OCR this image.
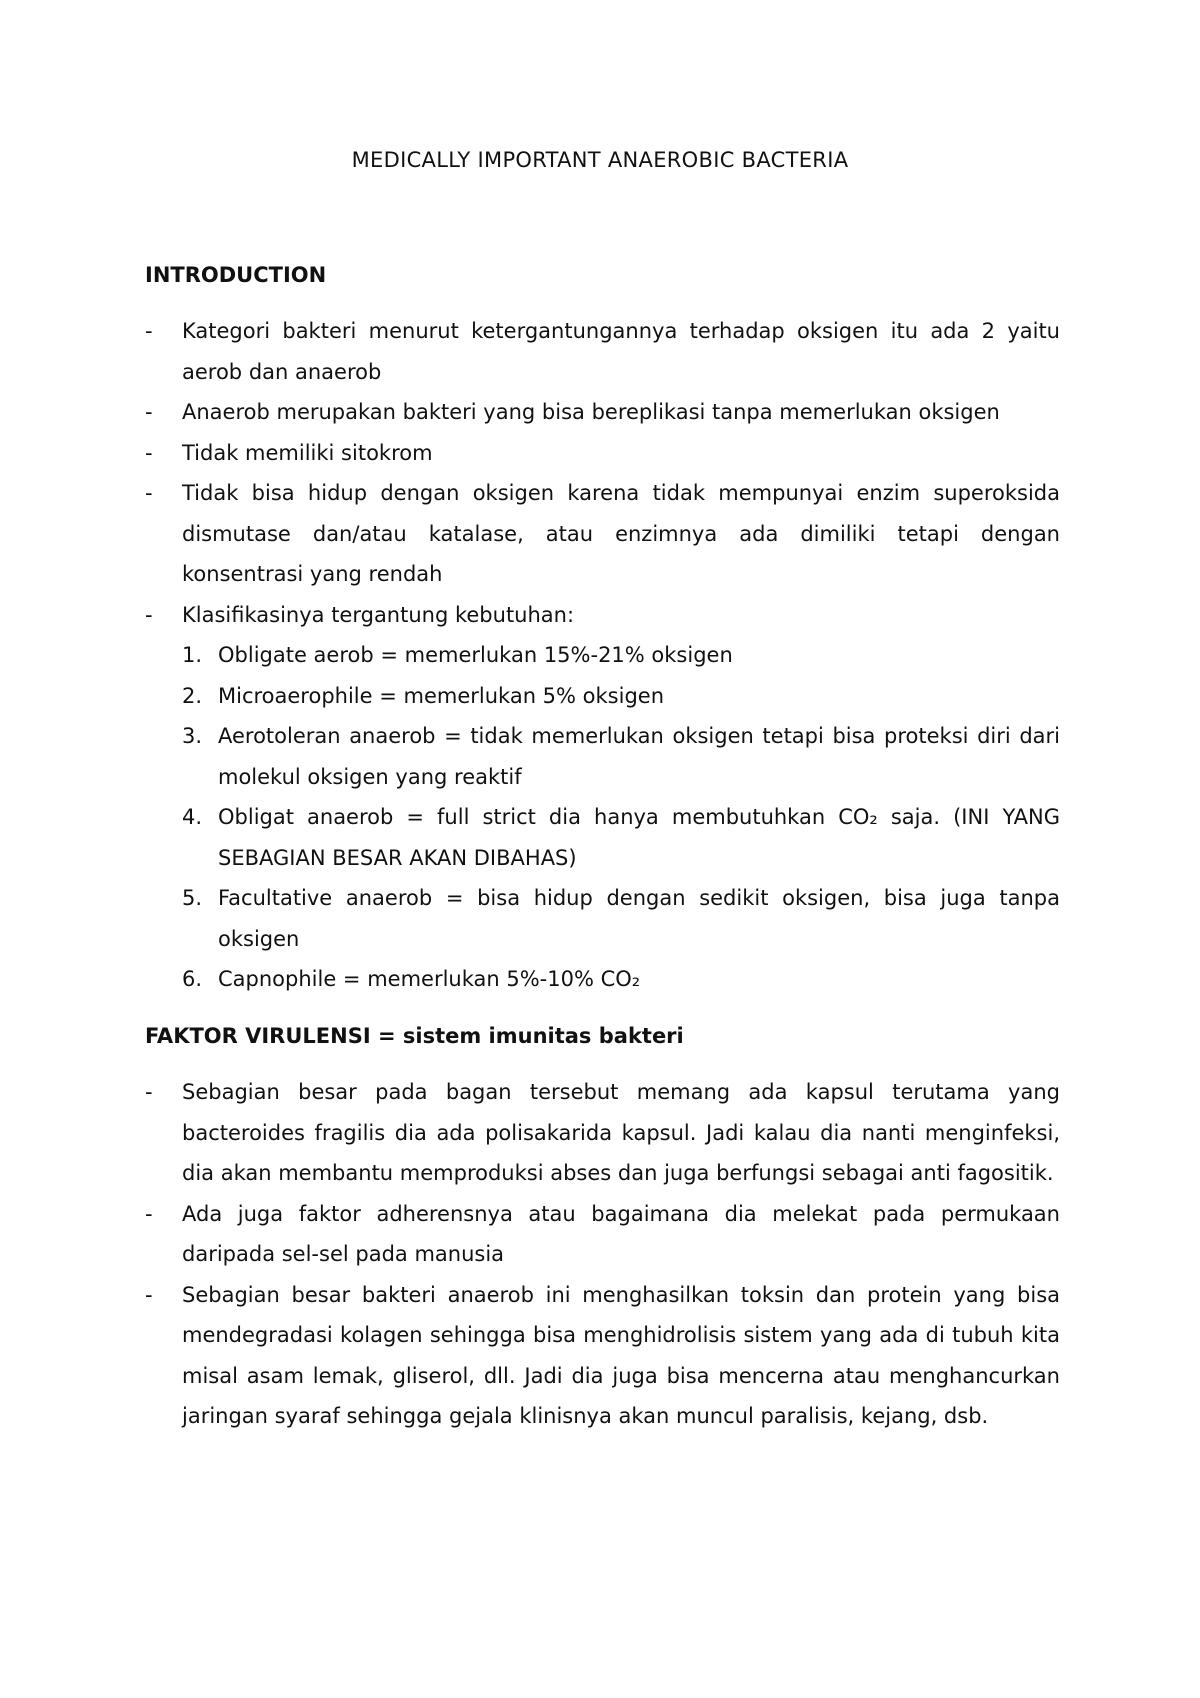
MEDICALLY IMPORTANT ANAEROBIC BACTERIA
INTRODUCTION
- Kategori bakteri menurut ketergantungannya terhadap oksigen itu ada 2 yaitu aerob dan anaerob
- Anaerob merupakan bakteri yang bisa bereplikasi tanpa memerlukan oksigen
- Tidak memiliki sitokrom
- Tidak bisa hidup dengan oksigen karena tidak mempunyai enzim superoksida dismutase dan/atau katalase, atau enzimnya ada dimiliki tetapi dengan konsentrasi yang rendah
- Klasifikasinya tergantung kebutuhan:
1. Obligate aerob = memerlukan 15%-21% oksigen
2. Microaerophile = memerlukan 5% oksigen
3. Aerotoleran anaerob = tidak memerlukan oksigen tetapi bisa proteksi diri dari molekul oksigen yang reaktif
4. Obligat anaerob = full strict dia hanya membutuhkan CO₂ saja. (INI YANG SEBAGIAN BESAR AKAN DIBAHAS)
5. Facultative anaerob = bisa hidup dengan sedikit oksigen, bisa juga tanpa oksigen
6. Capnophile = memerlukan 5%-10% CO₂
FAKTOR VIRULENSI = sistem imunitas bakteri
- Sebagian besar pada bagan tersebut memang ada kapsul terutama yang bacteroides fragilis dia ada polisakarida kapsul. Jadi kalau dia nanti menginfeksi, dia akan membantu memproduksi abses dan juga berfungsi sebagai anti fagositik.
- Ada juga faktor adherensnya atau bagaimana dia melekat pada permukaan daripada sel-sel pada manusia
- Sebagian besar bakteri anaerob ini menghasilkan toksin dan protein yang bisa mendegradasi kolagen sehingga bisa menghidrolisis sistem yang ada di tubuh kita misal asam lemak, gliserol, dll. Jadi dia juga bisa mencerna atau menghancurkan jaringan syaraf sehingga gejala klinisnya akan muncul paralisis, kejang, dsb.
